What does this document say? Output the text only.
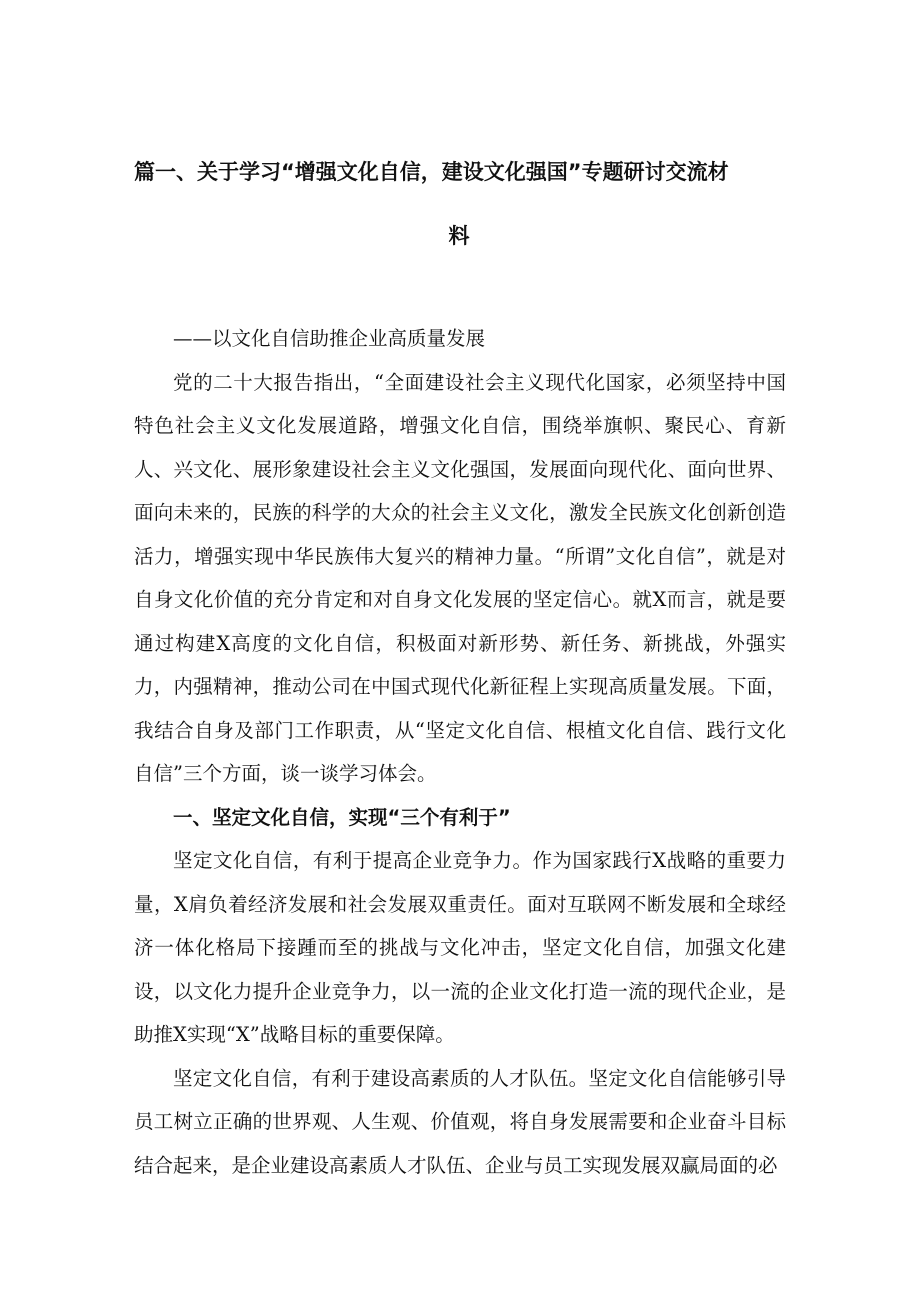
篇一、关于学习“增强文化自信，建设文化强国”专题研讨交流材
料

——以文化自信助推企业高质量发展

党的二十大报告指出，“全面建设社会主义现代化国家，必须坚持中国特色社会主义文化发展道路，增强文化自信，围绕举旗帜、聚民心、育新人、兴文化、展形象建设社会主义文化强国，发展面向现代化、面向世界、面向未来的，民族的科学的大众的社会主义文化，激发全民族文化创新创造活力，增强实现中华民族伟大复兴的精神力量。“所谓”文化自信”，就是对自身文化价值的充分肯定和对自身文化发展的坚定信心。就X而言，就是要通过构建X高度的文化自信，积极面对新形势、新任务、新挑战，外强实力，内强精神，推动公司在中国式现代化新征程上实现高质量发展。下面，我结合自身及部门工作职责，从“坚定文化自信、根植文化自信、践行文化自信”三个方面，谈一谈学习体会。

一、坚定文化自信，实现“三个有利于”

坚定文化自信，有利于提高企业竞争力。作为国家践行X战略的重要力量，X肩负着经济发展和社会发展双重责任。面对互联网不断发展和全球经济一体化格局下接踵而至的挑战与文化冲击，坚定文化自信，加强文化建设，以文化力提升企业竞争力，以一流的企业文化打造一流的现代企业，是助推X实现“X”战略目标的重要保障。

坚定文化自信，有利于建设高素质的人才队伍。坚定文化自信能够引导员工树立正确的世界观、人生观、价值观，将自身发展需要和企业奋斗目标结合起来，是企业建设高素质人才队伍、企业与员工实现发展双赢局面的必
